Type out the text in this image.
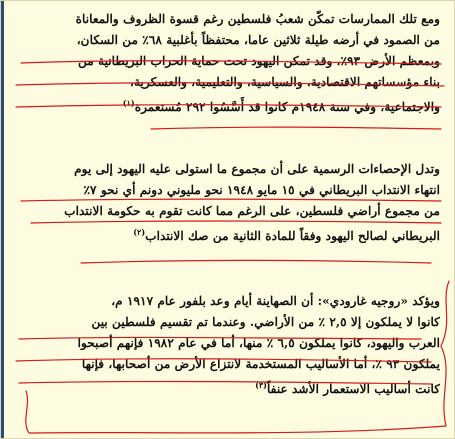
ومع تلك الممارسات تمكّن شعبُ فلسطين رغم قسوة الظروف والمعاناة
من الصمود في أرضه طيلة ثلاثين عاما، محتفظاً بأغلبية ٦٨٪ من السكان،
وبمعظم الأرض ٩٣٪، وقد تمكن اليهود تحت حماية الحراب البريطانية من
بناء مؤسساتهم الاقتصادية، والسياسية، والتعليمية، والعسكرية،
والاجتماعية، وفي سنة ١٩٤٨م كانوا قد أَسَّسُوا ٢٩٢ مُستعمرة$^{(١)}$
وتدل الإحصاءات الرسمية على أن مجموع ما استولى عليه اليهود إلى يوم
انتهاء الانتداب البريطاني في ١٥ مايو ١٩٤٨ نحو مليوني دونم أي نحو ٧٪
من مجموع أراضي فلسطين، على الرغم مما كانت تقوم به حكومة الانتداب
البريطاني لصالح اليهود وفقاً للمادة الثانية من صك الانتداب$^{(٢)}$
ويؤكد «روجيه غارودي»: أن الصهاينة أيام وعد بلفور عام ١٩١٧ م،
كانوا لا يملكون إلا ٢,٥ ٪ من الأراضي. وعندما تم تقسيم فلسطين بين
العرب واليهود، كانوا يملكون ٦,٥ ٪ منها، أما في عام ١٩٨٢ فإنهم أصبحوا
يملكون ٩٣ ٪، أما الأساليب المستخدمة لانتزاع الأرض من أصحابها، فإنها
كانت أساليب الاستعمار الأشد عنفاً$^{(٣)}$
